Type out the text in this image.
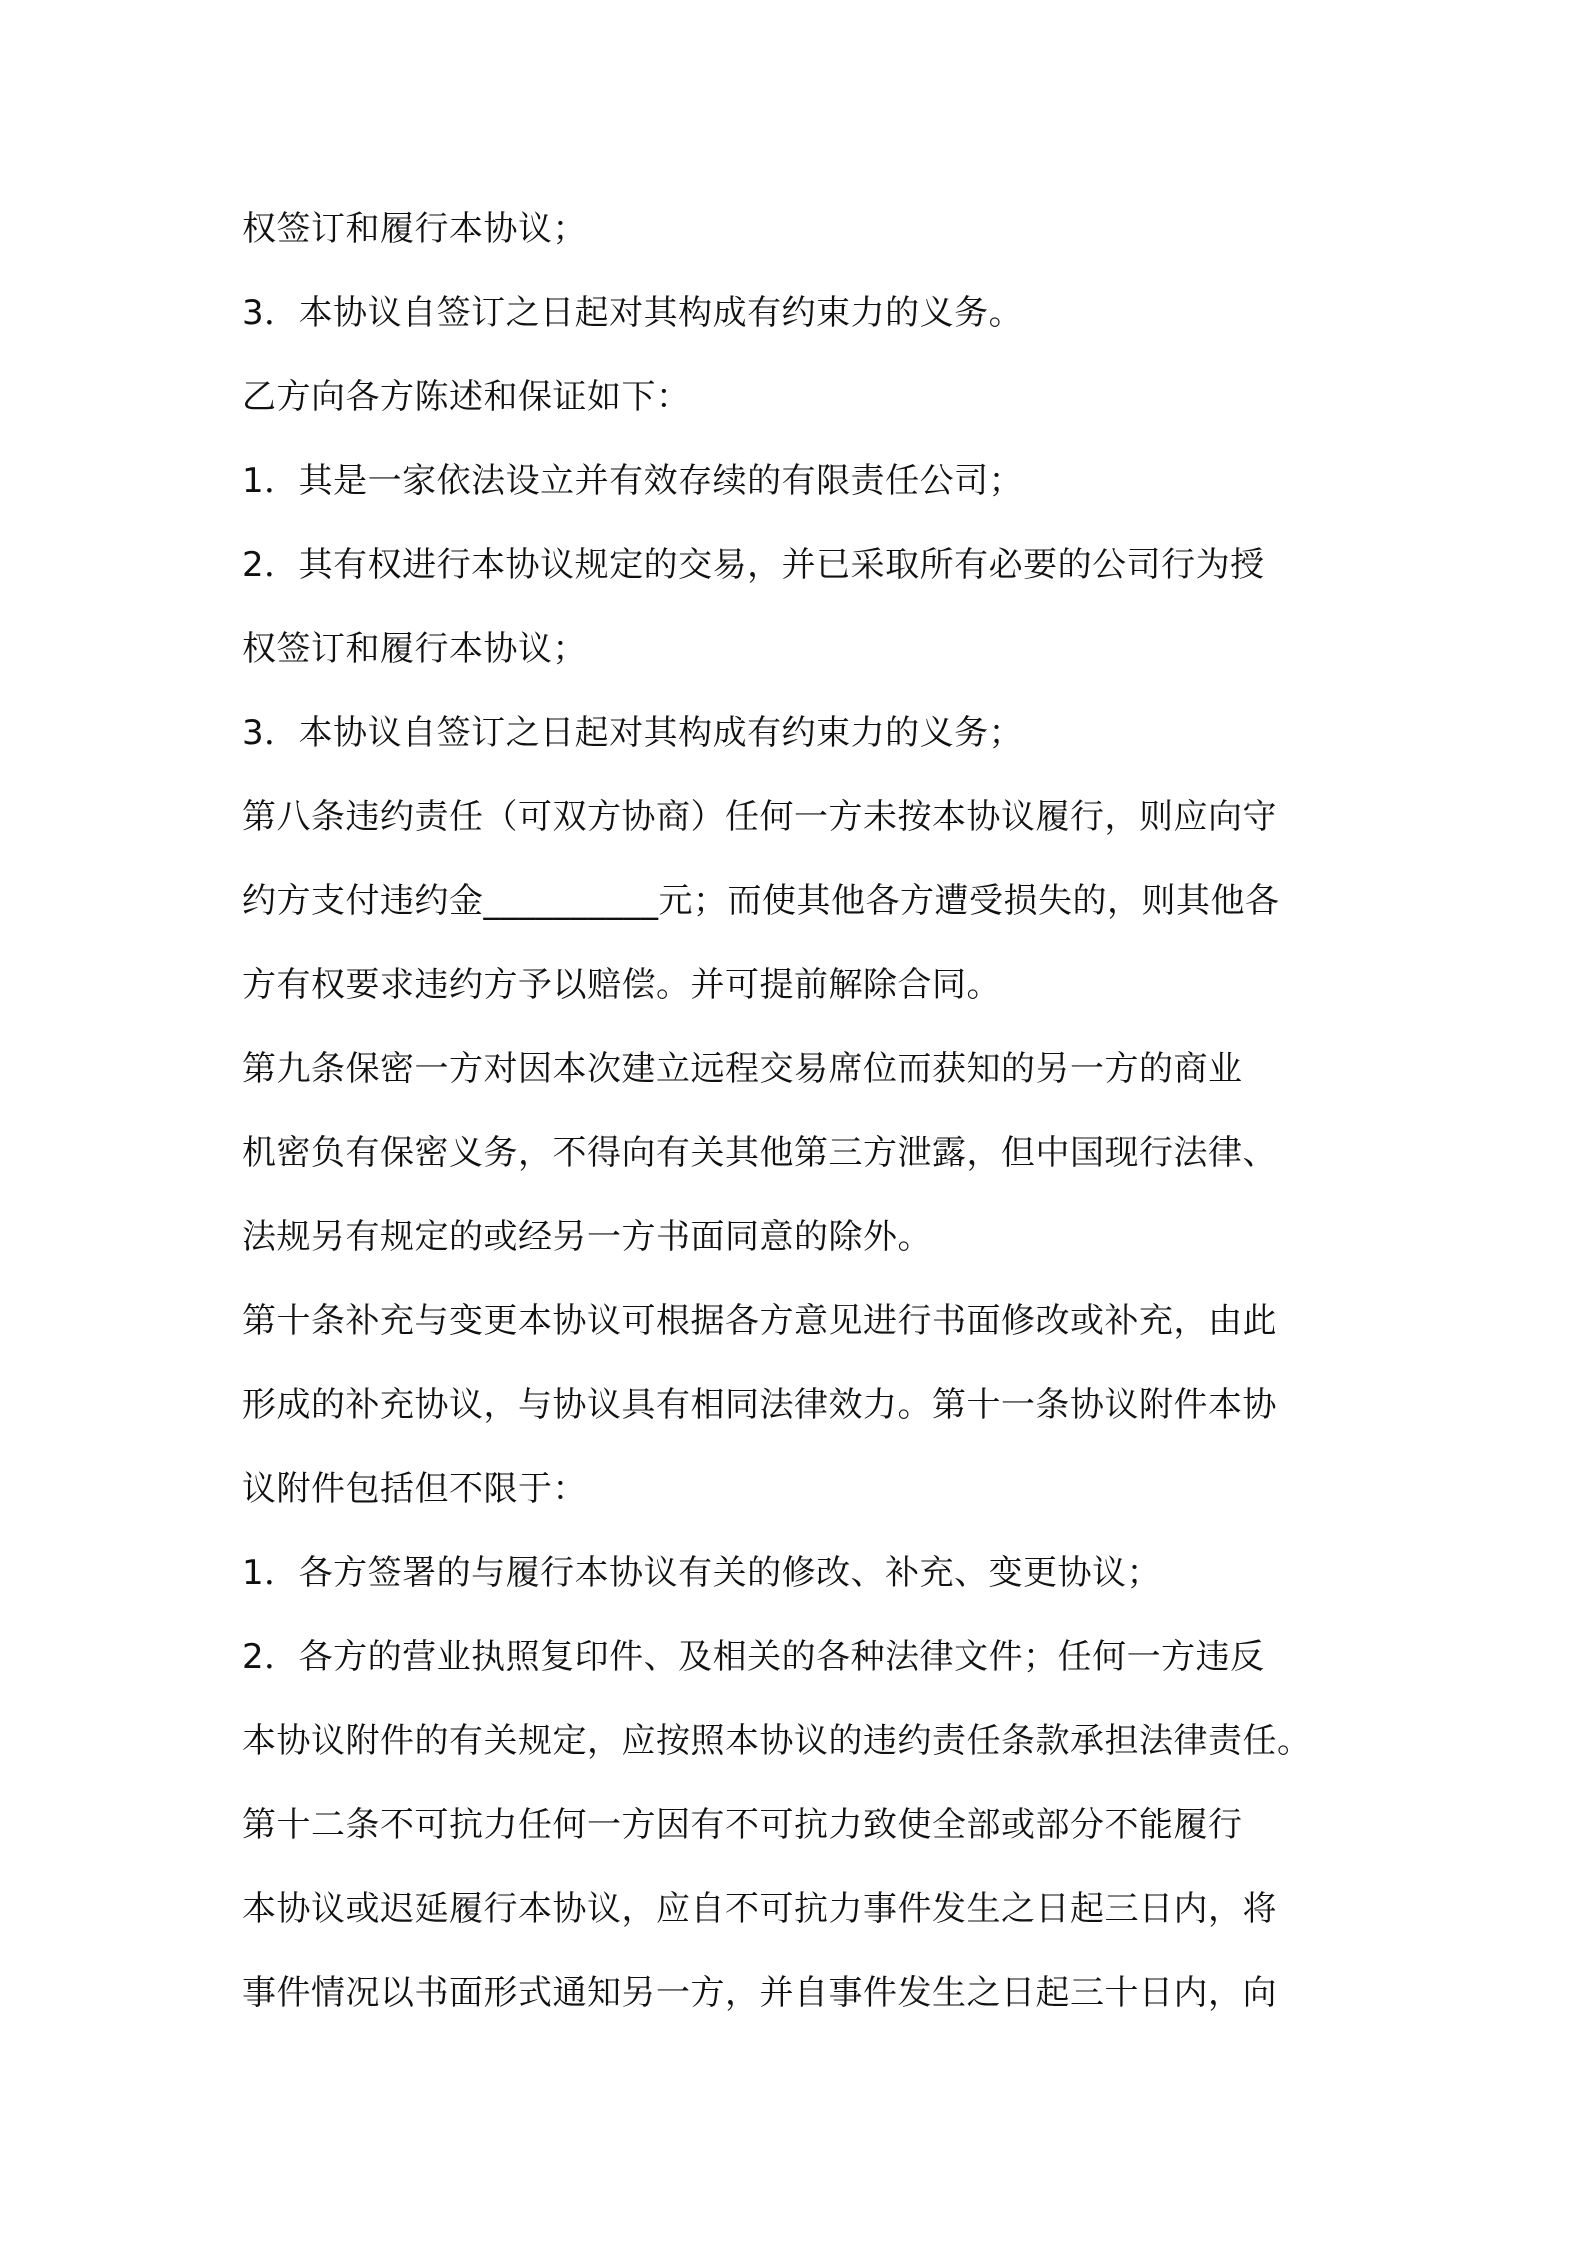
权签订和履行本协议；
3．本协议自签订之日起对其构成有约束力的义务。
乙方向各方陈述和保证如下：
1．其是一家依法设立并有效存续的有限责任公司；
2．其有权进行本协议规定的交易，并已采取所有必要的公司行为授
权签订和履行本协议；
3．本协议自签订之日起对其构成有约束力的义务；
第八条违约责任（可双方协商）任何一方未按本协议履行，则应向守
约方支付违约金__________元；而使其他各方遭受损失的，则其他各
方有权要求违约方予以赔偿。并可提前解除合同。
第九条保密一方对因本次建立远程交易席位而获知的另一方的商业
机密负有保密义务，不得向有关其他第三方泄露，但中国现行法律、
法规另有规定的或经另一方书面同意的除外。
第十条补充与变更本协议可根据各方意见进行书面修改或补充，由此
形成的补充协议，与协议具有相同法律效力。第十一条协议附件本协
议附件包括但不限于：
1．各方签署的与履行本协议有关的修改、补充、变更协议；
2．各方的营业执照复印件、及相关的各种法律文件；任何一方违反
本协议附件的有关规定，应按照本协议的违约责任条款承担法律责任。
第十二条不可抗力任何一方因有不可抗力致使全部或部分不能履行
本协议或迟延履行本协议，应自不可抗力事件发生之日起三日内，将
事件情况以书面形式通知另一方，并自事件发生之日起三十日内，向
